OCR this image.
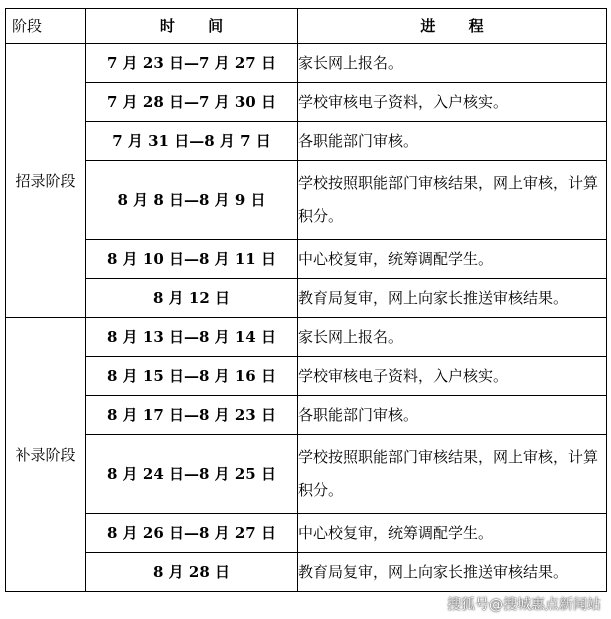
阶段	时 间	进 程
招录阶段	7 月 23 日—7 月 27 日	家长网上报名。
	7 月 28 日—7 月 30 日	学校审核电子资料，入户核实。
	7 月 31 日—8 月 7 日	各职能部门审核。
	8 月 8 日—8 月 9 日	学校按照职能部门审核结果，网上审核，计算积分。
	8 月 10 日—8 月 11 日	中心校复审，统筹调配学生。
	8 月 12 日	教育局复审，网上向家长推送审核结果。
补录阶段	8 月 13 日—8 月 14 日	家长网上报名。
	8 月 15 日—8 月 16 日	学校审核电子资料，入户核实。
	8 月 17 日—8 月 23 日	各职能部门审核。
	8 月 24 日—8 月 25 日	学校按照职能部门审核结果，网上审核，计算积分。
	8 月 26 日—8 月 27 日	中心校复审，统筹调配学生。
	8 月 28 日	教育局复审，网上向家长推送审核结果。
搜狐号@搜城惠点新闻站
